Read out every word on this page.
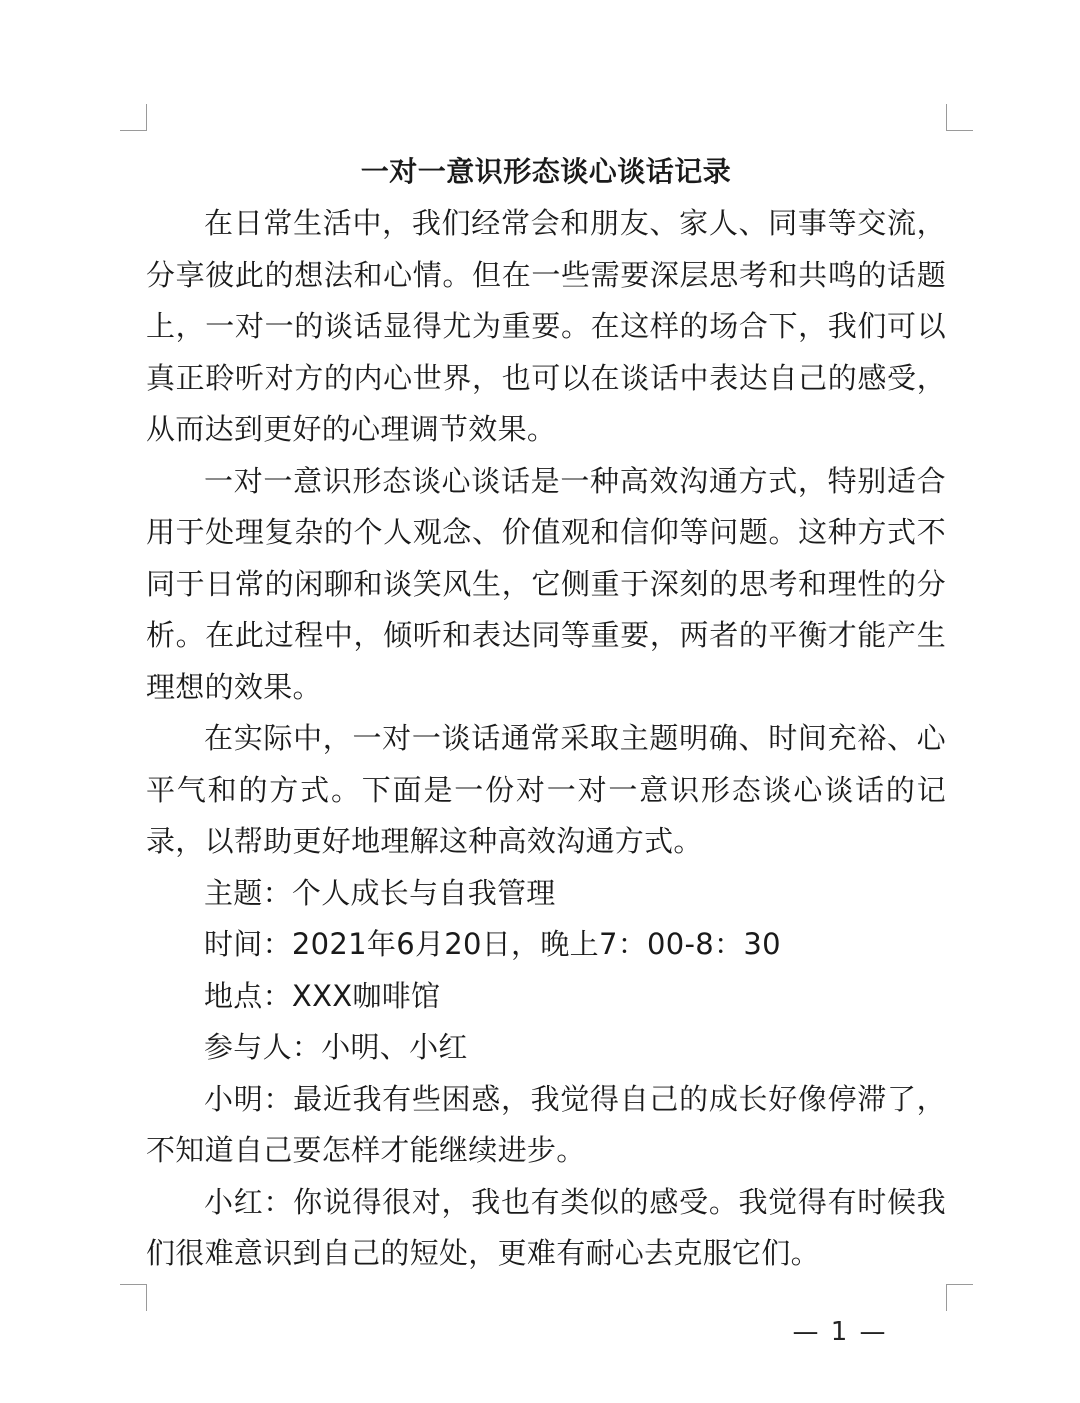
一对一意识形态谈心谈话记录

在日常生活中，我们经常会和朋友、家人、同事等交流，分享彼此的想法和心情。但在一些需要深层思考和共鸣的话题上，一对一的谈话显得尤为重要。在这样的场合下，我们可以真正聆听对方的内心世界，也可以在谈话中表达自己的感受，从而达到更好的心理调节效果。

一对一意识形态谈心谈话是一种高效沟通方式，特别适合用于处理复杂的个人观念、价值观和信仰等问题。这种方式不同于日常的闲聊和谈笑风生，它侧重于深刻的思考和理性的分析。在此过程中，倾听和表达同等重要，两者的平衡才能产生理想的效果。

在实际中，一对一谈话通常采取主题明确、时间充裕、心平气和的方式。下面是一份对一对一意识形态谈心谈话的记录，以帮助更好地理解这种高效沟通方式。

主题：个人成长与自我管理

时间：2021年6月20日，晚上7：00-8：30

地点：XXX咖啡馆

参与人：小明、小红

小明：最近我有些困惑，我觉得自己的成长好像停滞了，不知道自己要怎样才能继续进步。

小红：你说得很对，我也有类似的感受。我觉得有时候我们很难意识到自己的短处，更难有耐心去克服它们。

— 1 —
